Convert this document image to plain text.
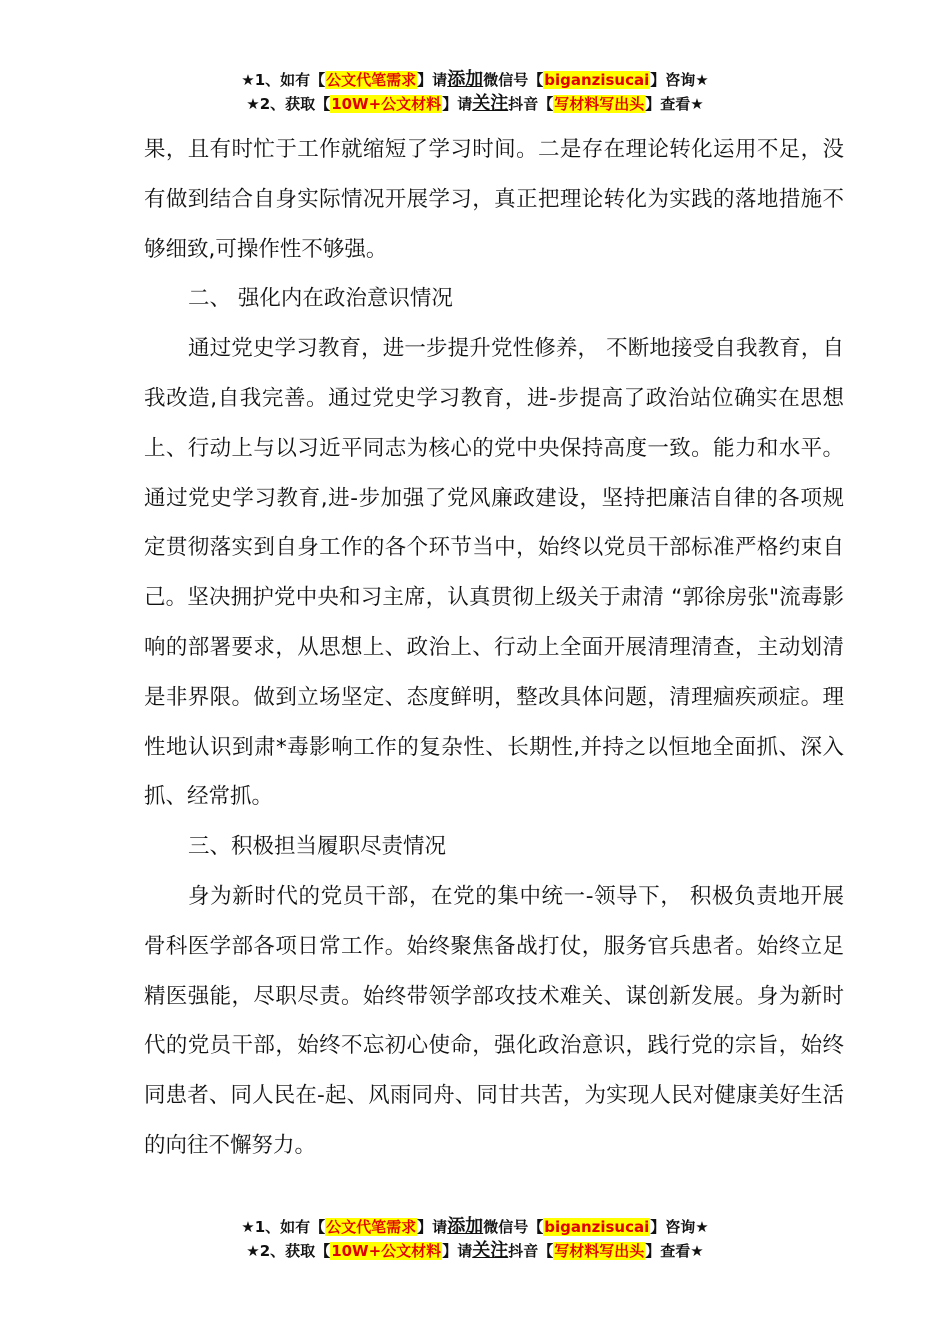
★1、如有【公文代笔需求】请添加微信号【biganzisucai】咨询★
★2、获取【10W+公文材料】请关注抖音【写材料写出头】查看★

果，且有时忙于工作就缩短了学习时间。二是存在理论转化运用不足，没有做到结合自身实际情况开展学习，真正把理论转化为实践的落地措施不够细致,可操作性不够强。

二、 强化内在政治意识情况

通过党史学习教育，进一步提升党性修养， 不断地接受自我教育，自我改造,自我完善。通过党史学习教育，进-步提高了政治站位确实在思想上、行动上与以习近平同志为核心的党中央保持高度一致。能力和水平。通过党史学习教育,进-步加强了党风廉政建设，坚持把廉洁自律的各项规定贯彻落实到自身工作的各个环节当中，始终以党员干部标准严格约束自己。坚决拥护党中央和习主席，认真贯彻上级关于肃清 “郭徐房张"流毒影响的部署要求，从思想上、政治上、行动上全面开展清理清查，主动划清是非界限。做到立场坚定、态度鲜明，整改具体问题，清理痼疾顽症。理性地认识到肃*毒影响工作的复杂性、长期性,并持之以恒地全面抓、深入抓、经常抓。

三、积极担当履职尽责情况

身为新时代的党员干部，在党的集中统一-领导下， 积极负责地开展骨科医学部各项日常工作。始终聚焦备战打仗，服务官兵患者。始终立足精医强能，尽职尽责。始终带领学部攻技术难关、谋创新发展。身为新时代的党员干部，始终不忘初心使命，强化政治意识，践行党的宗旨，始终同患者、同人民在-起、风雨同舟、同甘共苦，为实现人民对健康美好生活的向往不懈努力。

★1、如有【公文代笔需求】请添加微信号【biganzisucai】咨询★
★2、获取【10W+公文材料】请关注抖音【写材料写出头】查看★
